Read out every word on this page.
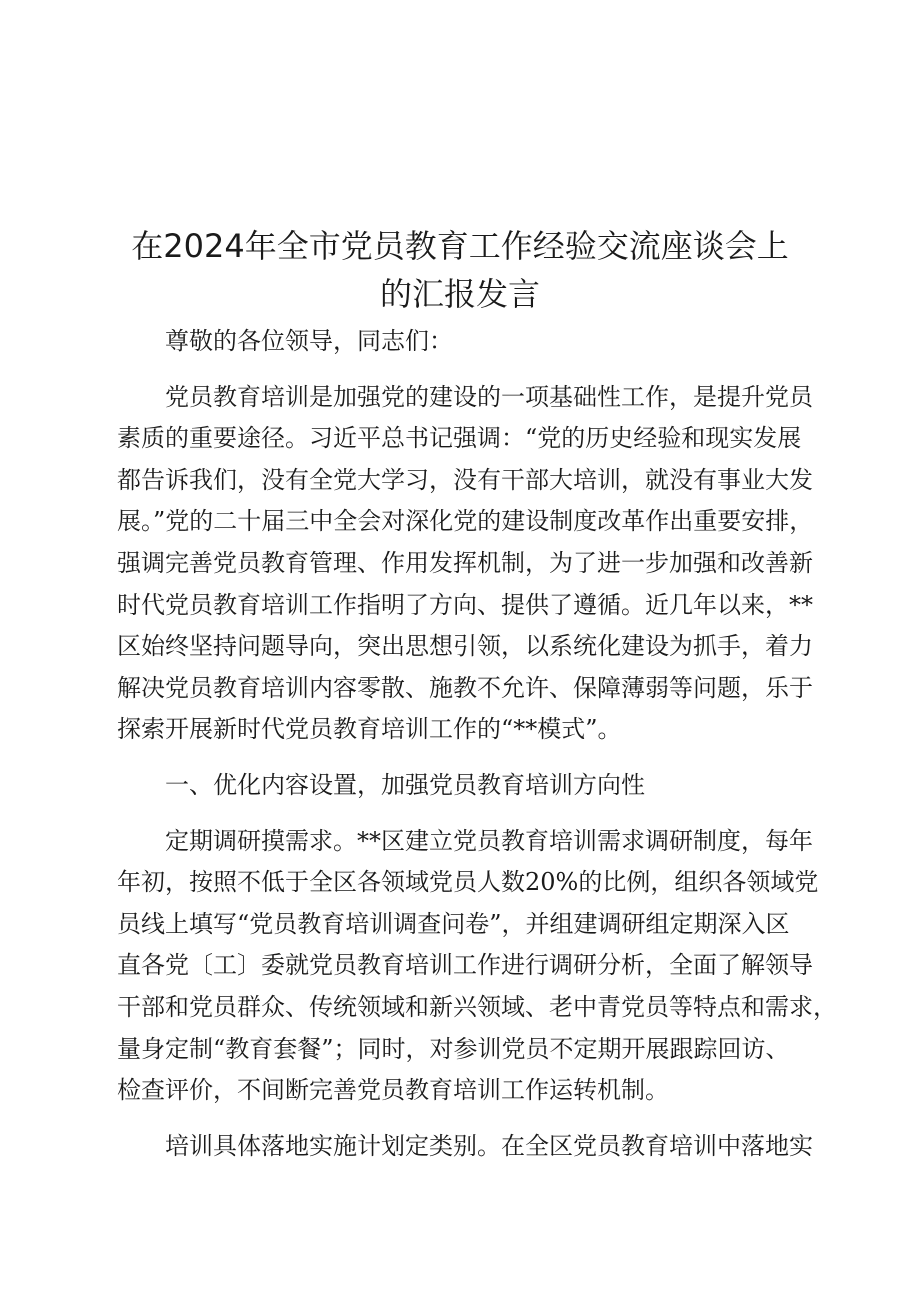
在2024年全市党员教育工作经验交流座谈会上
的汇报发言
尊敬的各位领导，同志们：
党员教育培训是加强党的建设的一项基础性工作，是提升党员
素质的重要途径。习近平总书记强调：“党的历史经验和现实发展
都告诉我们，没有全党大学习，没有干部大培训，就没有事业大发
展。”党的二十届三中全会对深化党的建设制度改革作出重要安排，
强调完善党员教育管理、作用发挥机制，为了进一步加强和改善新
时代党员教育培训工作指明了方向、提供了遵循。近几年以来，**
区始终坚持问题导向，突出思想引领，以系统化建设为抓手，着力
解决党员教育培训内容零散、施教不允许、保障薄弱等问题，乐于
探索开展新时代党员教育培训工作的“**模式”。
一、优化内容设置，加强党员教育培训方向性
定期调研摸需求。**区建立党员教育培训需求调研制度，每年
年初，按照不低于全区各领域党员人数20%的比例，组织各领域党
员线上填写“党员教育培训调查问卷”，并组建调研组定期深入区
直各党〔工〕委就党员教育培训工作进行调研分析，全面了解领导
干部和党员群众、传统领域和新兴领域、老中青党员等特点和需求，
量身定制“教育套餐”；同时，对参训党员不定期开展跟踪回访、
检查评价，不间断完善党员教育培训工作运转机制。
培训具体落地实施计划定类别。在全区党员教育培训中落地实
